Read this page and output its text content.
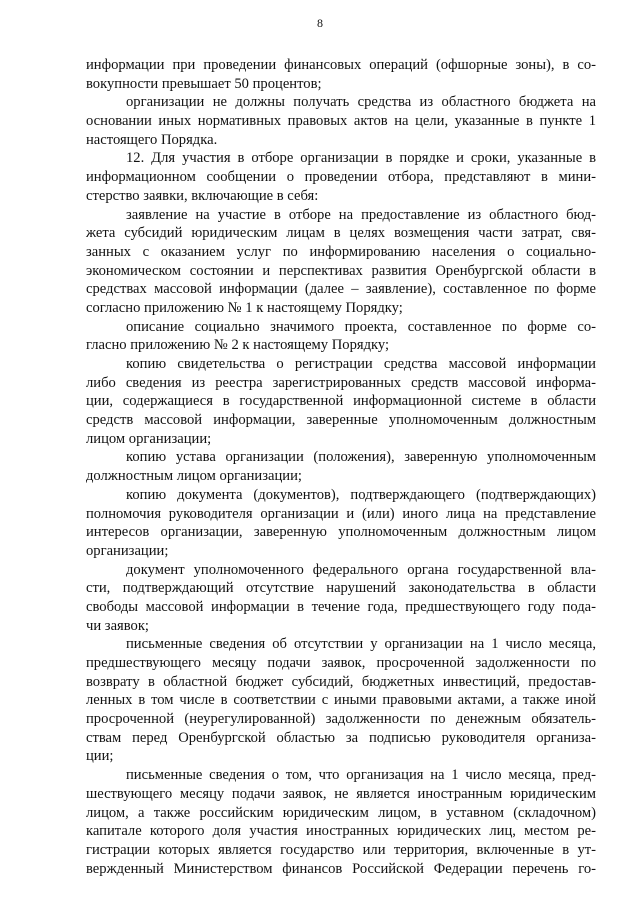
8
информации при проведении финансовых операций (офшорные зоны), в со-
вокупности превышает 50 процентов;
организации не должны получать средства из областного бюджета на
основании иных нормативных правовых актов на цели, указанные в пункте 1
настоящего Порядка.
12. Для участия в отборе организации в порядке и сроки, указанные в
информационном сообщении о проведении отбора, представляют в мини-
стерство заявки, включающие в себя:
заявление на участие в отборе на предоставление из областного бюд-
жета субсидий юридическим лицам в целях возмещения части затрат, свя-
занных с оказанием услуг по информированию населения о социально-
экономическом состоянии и перспективах развития Оренбургской области в
средствах массовой информации (далее – заявление), составленное по форме
согласно приложению № 1 к настоящему Порядку;
описание социально значимого проекта, составленное по форме со-
гласно приложению № 2 к настоящему Порядку;
копию свидетельства о регистрации средства массовой информации
либо сведения из реестра зарегистрированных средств массовой информа-
ции, содержащиеся в государственной информационной системе в области
средств массовой информации, заверенные уполномоченным должностным
лицом организации;
копию устава организации (положения), заверенную уполномоченным
должностным лицом организации;
копию документа (документов), подтверждающего (подтверждающих)
полномочия руководителя организации и (или) иного лица на представление
интересов организации, заверенную уполномоченным должностным лицом
организации;
документ уполномоченного федерального органа государственной вла-
сти, подтверждающий отсутствие нарушений законодательства в области
свободы массовой информации в течение года, предшествующего году пода-
чи заявок;
письменные сведения об отсутствии у организации на 1 число месяца,
предшествующего месяцу подачи заявок, просроченной задолженности по
возврату в областной бюджет субсидий, бюджетных инвестиций, предостав-
ленных в том числе в соответствии с иными правовыми актами, а также иной
просроченной (неурегулированной) задолженности по денежным обязатель-
ствам перед Оренбургской областью за подписью руководителя организа-
ции;
письменные сведения о том, что организация на 1 число месяца, пред-
шествующего месяцу подачи заявок, не является иностранным юридическим
лицом, а также российским юридическим лицом, в уставном (складочном)
капитале которого доля участия иностранных юридических лиц, местом ре-
гистрации которых является государство или территория, включенные в ут-
вержденный Министерством финансов Российской Федерации перечень го-
